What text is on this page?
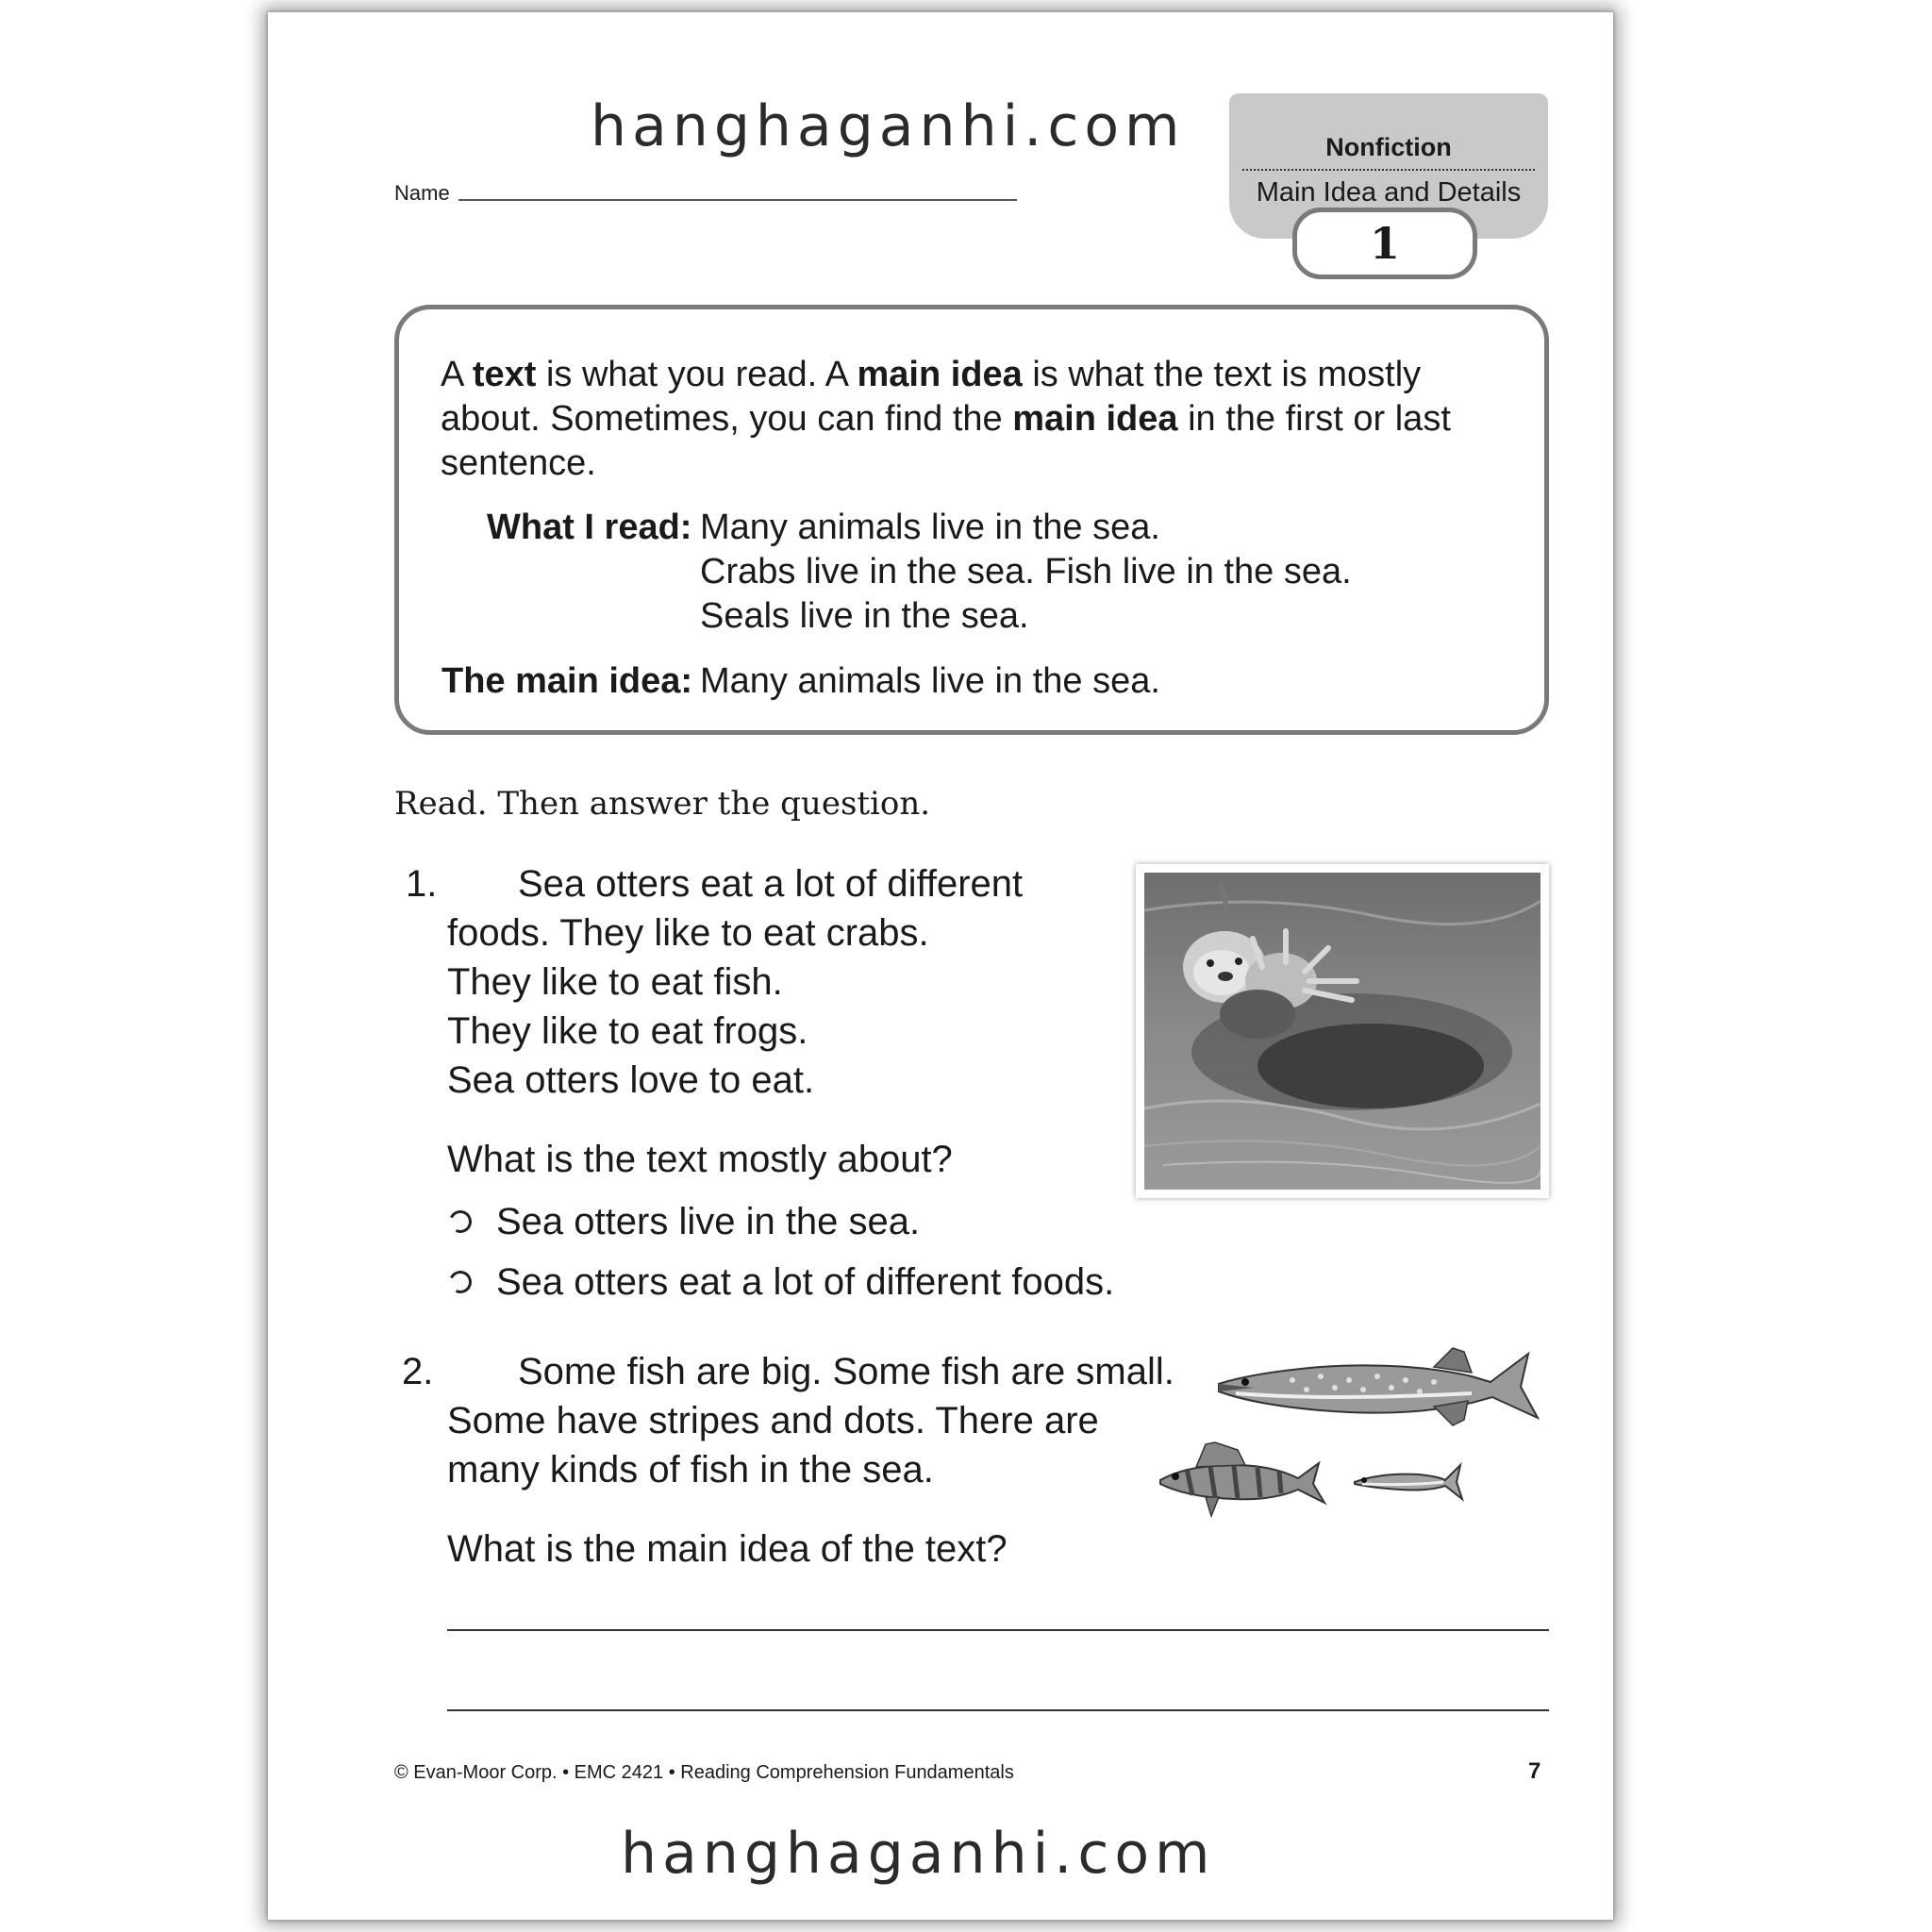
hanghaganhi.com
Name
Nonfiction
Main Idea and Details
1
A text is what you read. A main idea is what the text is mostly
about. Sometimes, you can find the main idea in the first or last
sentence.
What I read: Many animals live in the sea.
Crabs live in the sea. Fish live in the sea.
Seals live in the sea.
The main idea: Many animals live in the sea.
Read. Then answer the question.
1. Sea otters eat a lot of different
foods. They like to eat crabs.
They like to eat fish.
They like to eat frogs.
Sea otters love to eat.
What is the text mostly about?
Sea otters live in the sea.
Sea otters eat a lot of different foods.
2. Some fish are big. Some fish are small.
Some have stripes and dots. There are
many kinds of fish in the sea.
What is the main idea of the text?
© Evan-Moor Corp. • EMC 2421 • Reading Comprehension Fundamentals	7
hanghaganhi.com
